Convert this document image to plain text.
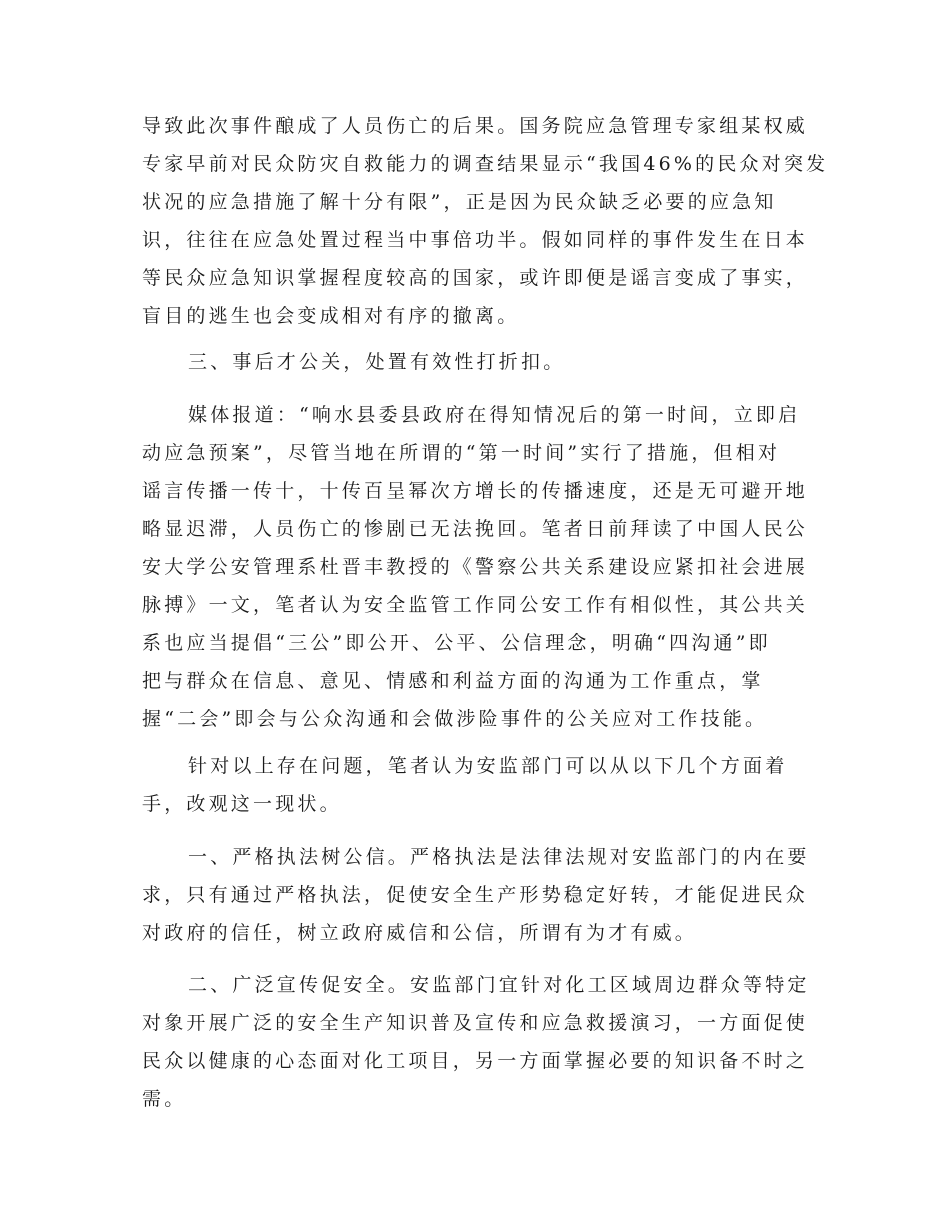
导致此次事件酿成了人员伤亡的后果。国务院应急管理专家组某权威
专家早前对民众防灾自救能力的调查结果显示“我国46%的民众对突发
状况的应急措施了解十分有限”，正是因为民众缺乏必要的应急知
识，往往在应急处置过程当中事倍功半。假如同样的事件发生在日本
等民众应急知识掌握程度较高的国家，或许即便是谣言变成了事实，
盲目的逃生也会变成相对有序的撤离。
三、事后才公关，处置有效性打折扣。
媒体报道：“响水县委县政府在得知情况后的第一时间，立即启
动应急预案”，尽管当地在所谓的“第一时间”实行了措施，但相对
谣言传播一传十，十传百呈幂次方增长的传播速度，还是无可避开地
略显迟滞，人员伤亡的惨剧已无法挽回。笔者日前拜读了中国人民公
安大学公安管理系杜晋丰教授的《警察公共关系建设应紧扣社会进展
脉搏》一文，笔者认为安全监管工作同公安工作有相似性，其公共关
系也应当提倡“三公”即公开、公平、公信理念，明确“四沟通”即
把与群众在信息、意见、情感和利益方面的沟通为工作重点，掌
握“二会”即会与公众沟通和会做涉险事件的公关应对工作技能。
针对以上存在问题，笔者认为安监部门可以从以下几个方面着
手，改观这一现状。
一、严格执法树公信。严格执法是法律法规对安监部门的内在要
求，只有通过严格执法，促使安全生产形势稳定好转，才能促进民众
对政府的信任，树立政府威信和公信，所谓有为才有威。
二、广泛宣传促安全。安监部门宜针对化工区域周边群众等特定
对象开展广泛的安全生产知识普及宣传和应急救援演习，一方面促使
民众以健康的心态面对化工项目，另一方面掌握必要的知识备不时之
需。
